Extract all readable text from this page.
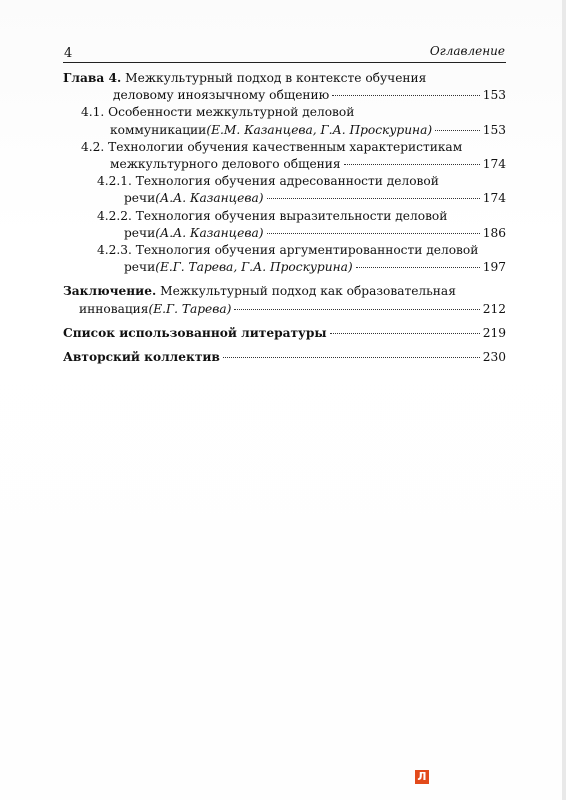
4	Оглавление
Глава 4. Межкультурный подход в контексте обучения
деловому иноязычному общению	153
4.1. Особенности межкультурной деловой
коммуникации (Е.М. Казанцева, Г.А. Проскурина)	153
4.2. Технологии обучения качественным характеристикам
межкультурного делового общения	174
4.2.1. Технология обучения адресованности деловой
речи (А.А. Казанцева)	174
4.2.2. Технология обучения выразительности деловой
речи (А.А. Казанцева)	186
4.2.3. Технология обучения аргументированности деловой
речи (Е.Г. Тарева, Г.А. Проскурина)	197
Заключение. Межкультурный подход как образовательная
инновация (Е.Г. Тарева)	212
Список использованной литературы	219
Авторский коллектив	230
Л
